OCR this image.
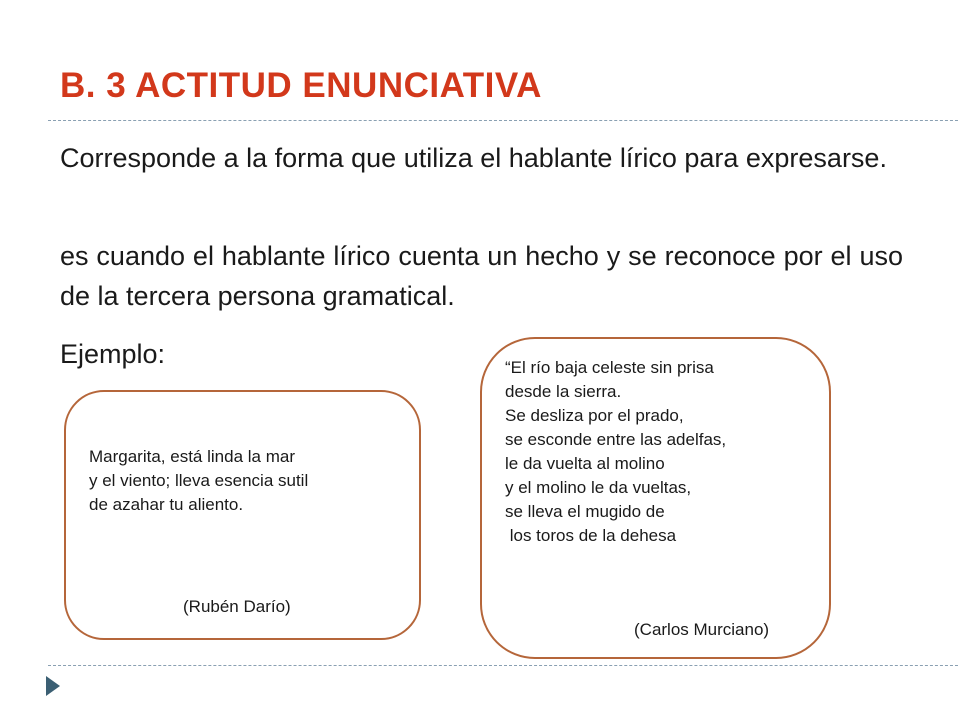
B. 3 ACTITUD ENUNCIATIVA

Corresponde a la forma que utiliza el hablante lírico para expresarse.

es cuando el hablante lírico cuenta un hecho y se reconoce por el uso de la tercera persona gramatical.

Ejemplo:

Margarita, está linda la mar
y el viento; lleva esencia sutil
de azahar tu aliento.
(Rubén Darío)
“El río baja celeste sin prisa
desde la sierra.
Se desliza por el prado,
se esconde entre las adelfas,
le da vuelta al molino
y el molino le da vueltas,
se lleva el mugido de
los toros de la dehesa
(Carlos Murciano)
